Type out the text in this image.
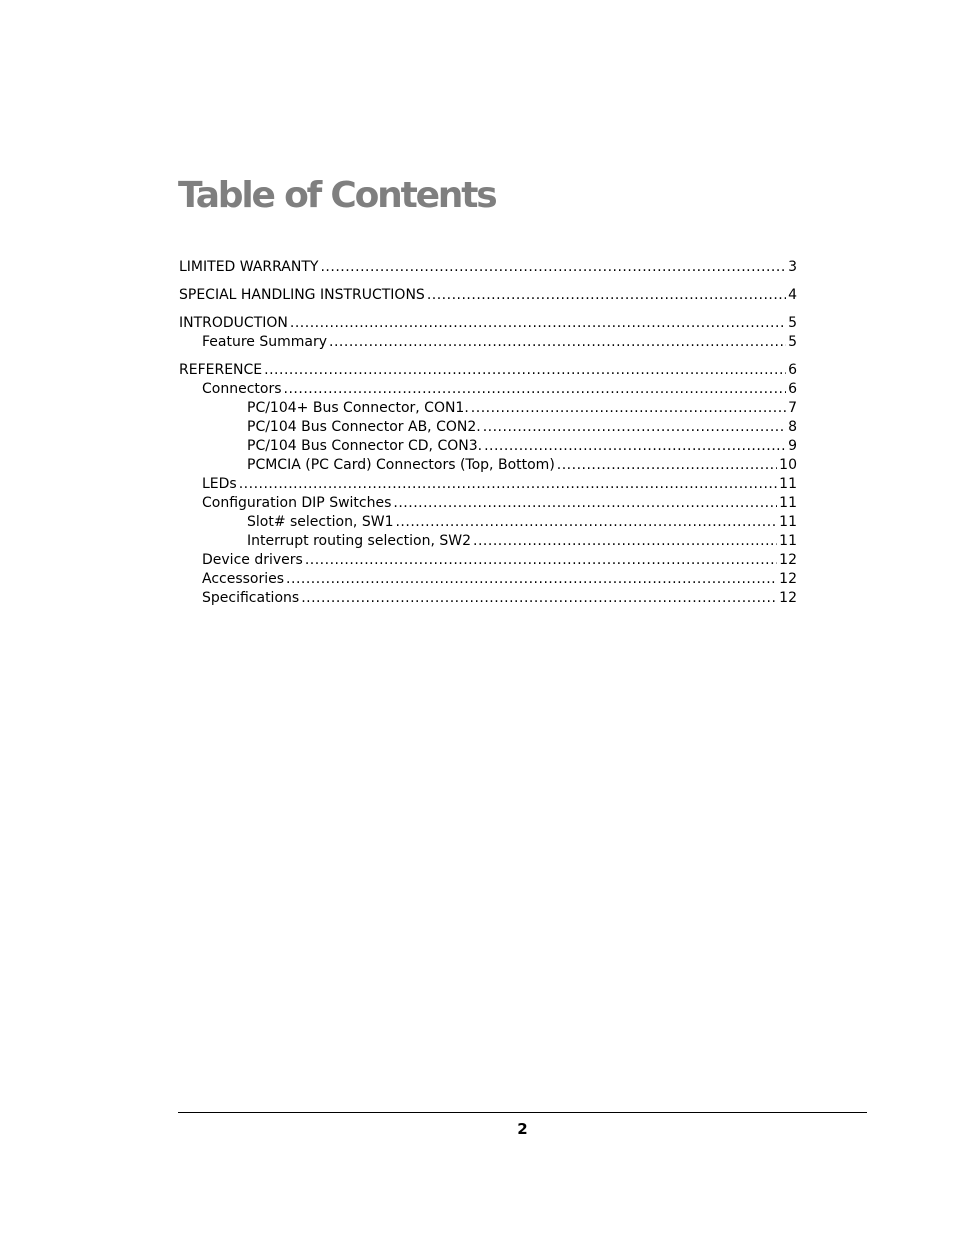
Table of Contents
LIMITED WARRANTY .....	3
SPECIAL HANDLING INSTRUCTIONS .....	4
INTRODUCTION .....	5
Feature Summary .....	5
REFERENCE .....	6
Connectors .....	6
PC/104+ Bus Connector, CON1. .....	7
PC/104 Bus Connector AB, CON2. .....	8
PC/104 Bus Connector CD, CON3. .....	9
PCMCIA (PC Card) Connectors (Top, Bottom) .....	10
LEDs .....	11
Configuration DIP Switches .....	11
Slot# selection, SW1 .....	11
Interrupt routing selection, SW2 .....	11
Device drivers .....	12
Accessories .....	12
Specifications .....	12
2
